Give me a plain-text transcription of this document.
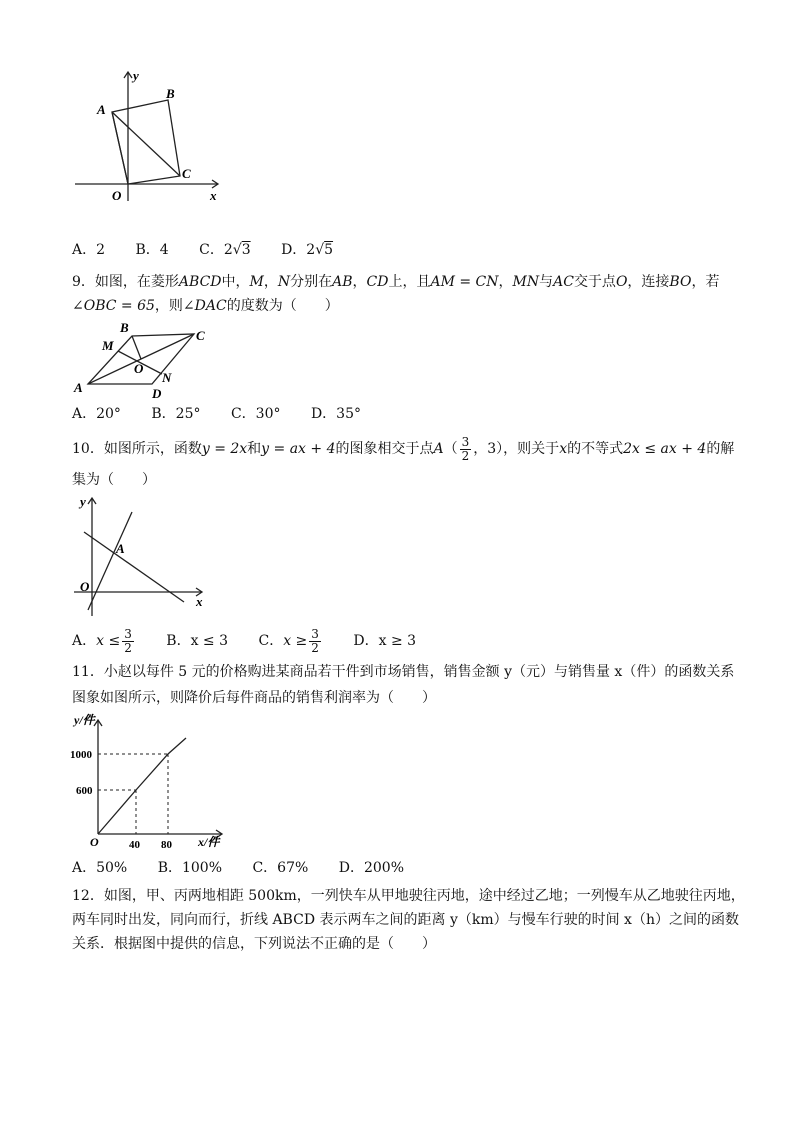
y
x
A
B
C
O
A．2 B．4 C．2√3 D．2√5
9．如图，在菱形ABCD中，M，N分别在AB，CD上，且AM = CN，MN与AC交于点O，连接BO，若
∠OBC = 65，则∠DAC的度数为（　　）
B
C
M
O
N
A	D
A．20° B．25° C．30° D．35°
10．如图所示，函数y = 2x和y = ax + 4的图象相交于点$A( \frac{3}{2}$ ，3），则关于x的不等式2x ≤ ax + 4的解
集为（　　）
y
A
O
x
A．$x \le \frac{3}{2}$ B．x ≤ 3 C．$x \ge \frac{3}{2}$ D．x ≥ 3
11．小赵以每件 5 元的价格购进某商品若干件到市场销售，销售金额 y（元）与销售量 x（件）的函数关系
图象如图所示，则降价后每件商品的销售利润率为（　　）
y/件
1000
600
O	40 80 x/件
A．50% B．100% C．67% D．200%
12．如图，甲、丙两地相距 500km，一列快车从甲地驶往丙地，途中经过乙地；一列慢车从乙地驶往丙地，
两车同时出发，同向而行，折线 ABCD 表示两车之间的距离 y（km）与慢车行驶的时间 x（h）之间的函数
关系．根据图中提供的信息，下列说法不正确的是（　　）
